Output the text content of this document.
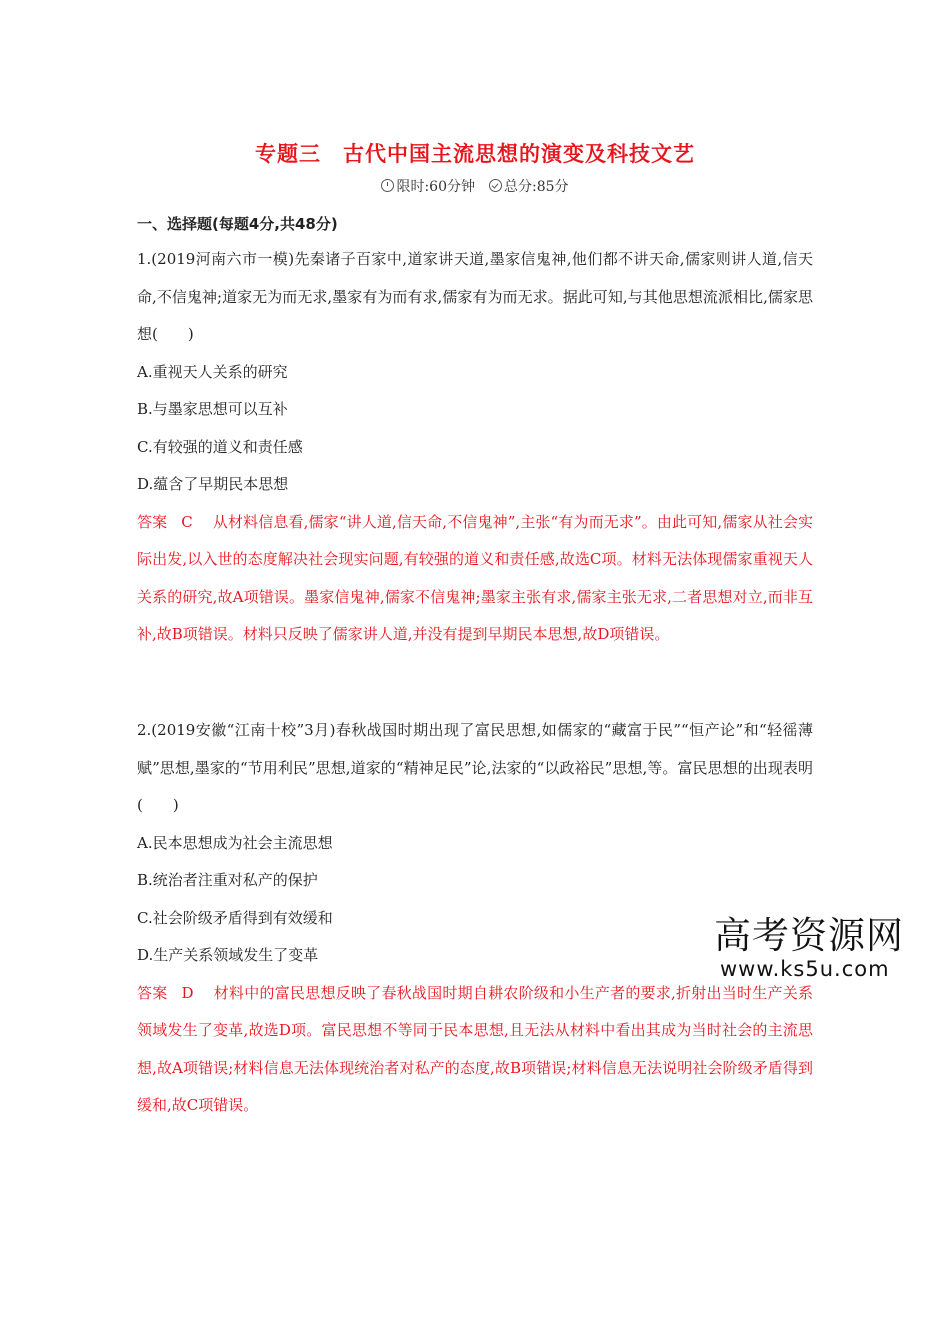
专题三 古代中国主流思想的演变及科技文艺
限时:60分钟 总分:85分
一、选择题(每题4分,共48分)
1.(2019河南六市一模)先秦诸子百家中,道家讲天道,墨家信鬼神,他们都不讲天命,儒家则讲人道,信天命,不信鬼神;道家无为而无求,墨家有为而有求,儒家有为而无求。据此可知,与其他思想流派相比,儒家思想(　　)
A.重视天人关系的研究
B.与墨家思想可以互补
C.有较强的道义和责任感
D.蕴含了早期民本思想
答案 C 从材料信息看,儒家“讲人道,信天命,不信鬼神”,主张“有为而无求”。由此可知,儒家从社会实际出发,以入世的态度解决社会现实问题,有较强的道义和责任感,故选C项。材料无法体现儒家重视天人关系的研究,故A项错误。墨家信鬼神,儒家不信鬼神;墨家主张有求,儒家主张无求,二者思想对立,而非互补,故B项错误。材料只反映了儒家讲人道,并没有提到早期民本思想,故D项错误。
2.(2019安徽“江南十校”3月)春秋战国时期出现了富民思想,如儒家的“藏富于民”“恒产论”和“轻徭薄赋”思想,墨家的“节用利民”思想,道家的“精神足民”论,法家的“以政裕民”思想,等。富民思想的出现表明(　　)
A.民本思想成为社会主流思想
B.统治者注重对私产的保护
C.社会阶级矛盾得到有效缓和
D.生产关系领域发生了变革
答案 D 材料中的富民思想反映了春秋战国时期自耕农阶级和小生产者的要求,折射出当时生产关系领域发生了变革,故选D项。富民思想不等同于民本思想,且无法从材料中看出其成为当时社会的主流思想,故A项错误;材料信息无法体现统治者对私产的态度,故B项错误;材料信息无法说明社会阶级矛盾得到缓和,故C项错误。
高考资源网
www.ks5u.com
